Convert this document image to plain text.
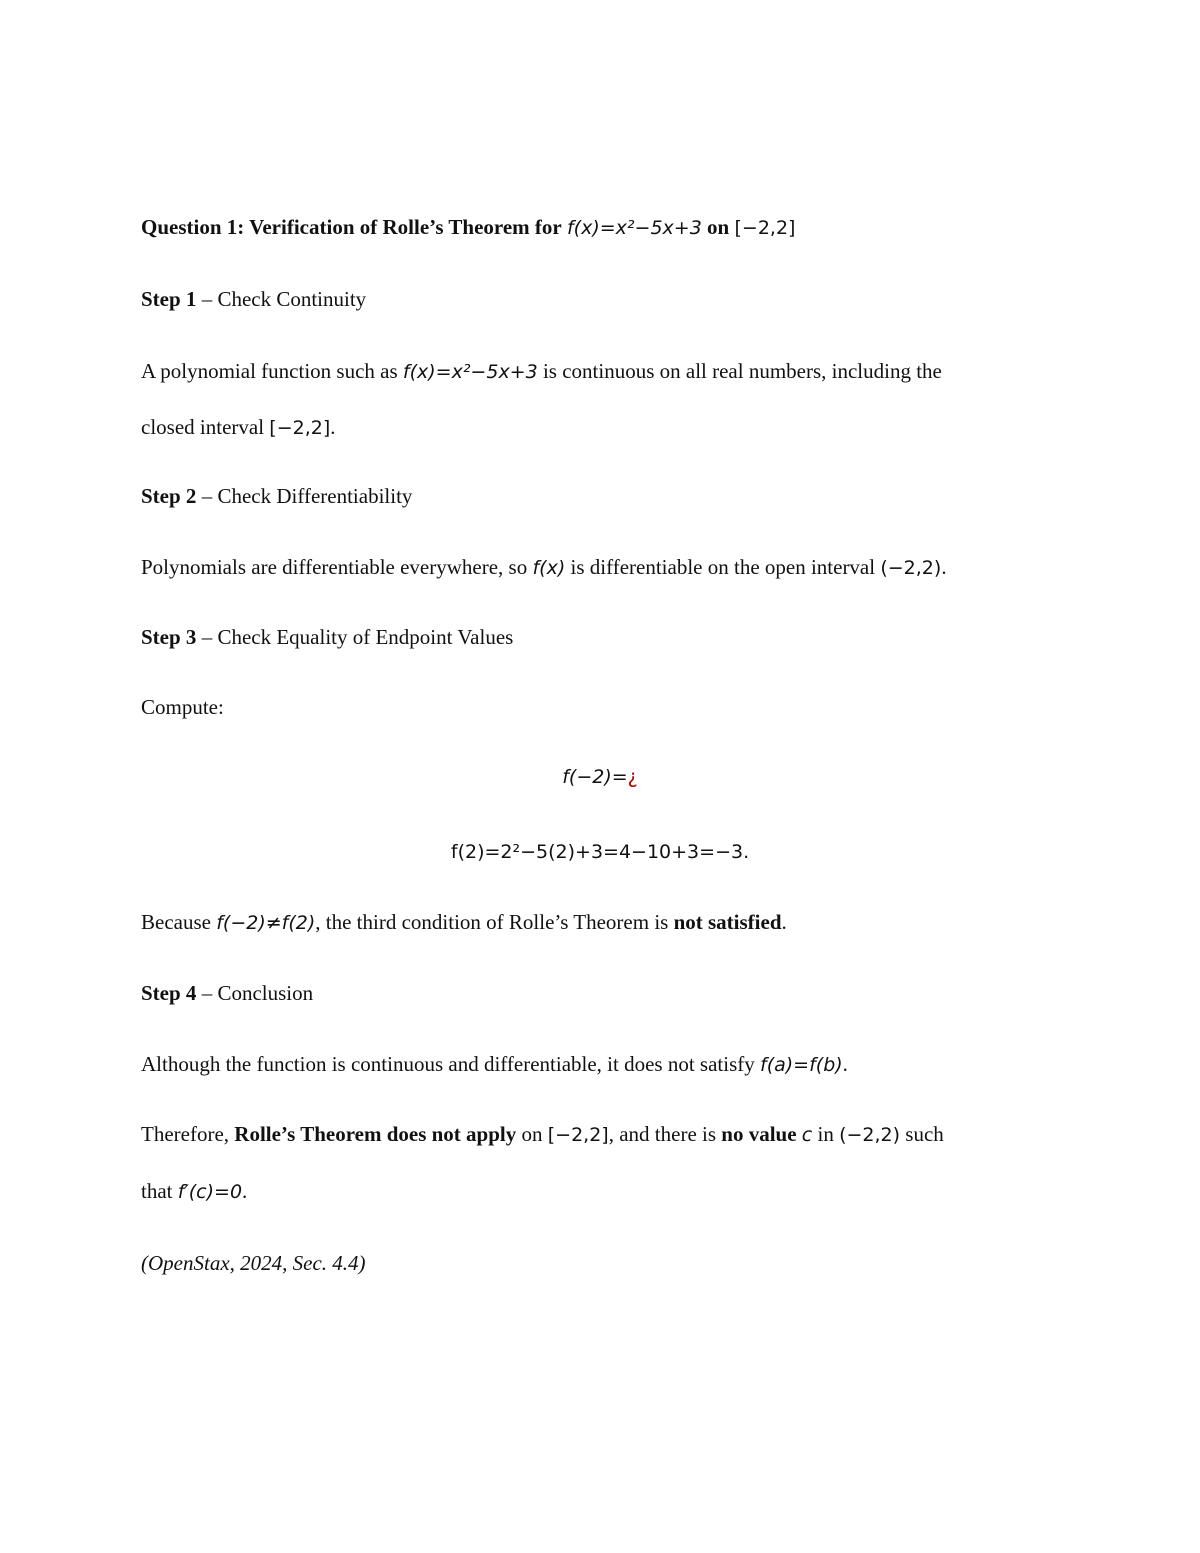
Question 1: Verification of Rolle’s Theorem for f(x)=x²−5x+3 on [−2,2]
Step 1 – Check Continuity
A polynomial function such as f(x)=x²−5x+3 is continuous on all real numbers, including the
closed interval [−2,2].
Step 2 – Check Differentiability
Polynomials are differentiable everywhere, so f(x) is differentiable on the open interval (−2,2).
Step 3 – Check Equality of Endpoint Values
Compute:
f(−2)=¿
f(2)=2²−5(2)+3=4−10+3=−3.
Because f(−2)≠f(2), the third condition of Rolle’s Theorem is not satisfied.
Step 4 – Conclusion
Although the function is continuous and differentiable, it does not satisfy f(a)=f(b).
Therefore, Rolle’s Theorem does not apply on [−2,2], and there is no value c in (−2,2) such
that f′(c)=0.
(OpenStax, 2024, Sec. 4.4)
